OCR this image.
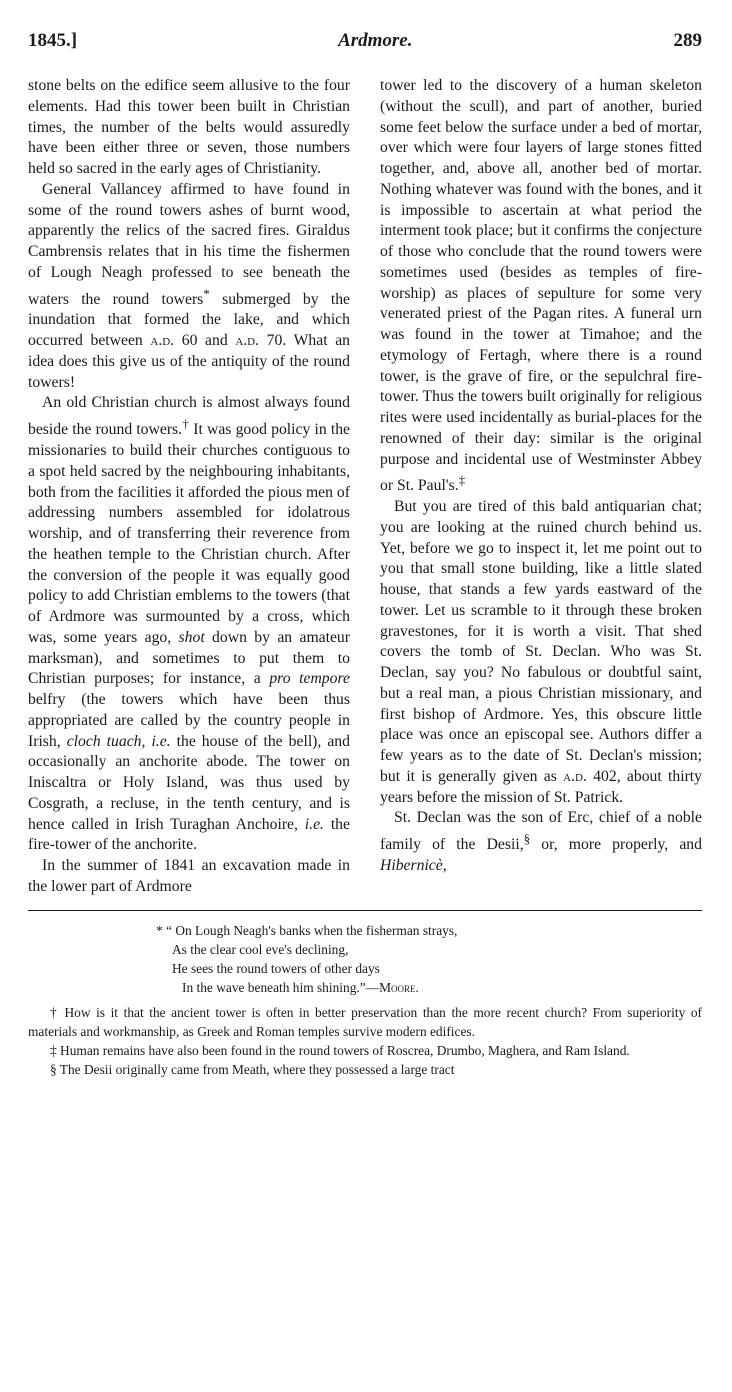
1845.]	Ardmore.	289

stone belts on the edifice seem allusive to the four elements. Had this tower been built in Christian times, the number of the belts would assuredly have been either three or seven, those numbers held so sacred in the early ages of Christianity.

General Vallancey affirmed to have found in some of the round towers ashes of burnt wood, apparently the relics of the sacred fires. Giraldus Cambrensis relates that in his time the fishermen of Lough Neagh professed to see beneath the waters the round towers* submerged by the inundation that formed the lake, and which occurred between a.d. 60 and a.d. 70. What an idea does this give us of the antiquity of the round towers!

An old Christian church is almost always found beside the round towers.† It was good policy in the missionaries to build their churches contiguous to a spot held sacred by the neighbouring inhabitants, both from the facilities it afforded the pious men of addressing numbers assembled for idolatrous worship, and of transferring their reverence from the heathen temple to the Christian church. After the conversion of the people it was equally good policy to add Christian emblems to the towers (that of Ardmore was surmounted by a cross, which was, some years ago, shot down by an amateur marksman), and sometimes to put them to Christian purposes; for instance, a pro tempore belfry (the towers which have been thus appropriated are called by the country people in Irish, cloch tuach, i.e. the house of the bell), and occasionally an anchorite abode. The tower on Iniscaltra or Holy Island, was thus used by Cosgrath, a recluse, in the tenth century, and is hence called in Irish Turaghan Anchoire, i.e. the fire-tower of the anchorite.

In the summer of 1841 an excavation made in the lower part of Ardmore

tower led to the discovery of a human skeleton (without the scull), and part of another, buried some feet below the surface under a bed of mortar, over which were four layers of large stones fitted together, and, above all, another bed of mortar. Nothing whatever was found with the bones, and it is impossible to ascertain at what period the interment took place; but it confirms the conjecture of those who conclude that the round towers were sometimes used (besides as temples of fire-worship) as places of sepulture for some very venerated priest of the Pagan rites. A funeral urn was found in the tower at Timahoe; and the etymology of Fertagh, where there is a round tower, is the grave of fire, or the sepulchral fire-tower. Thus the towers built originally for religious rites were used incidentally as burial-places for the renowned of their day: similar is the original purpose and incidental use of Westminster Abbey or St. Paul's.‡

But you are tired of this bald antiquarian chat; you are looking at the ruined church behind us. Yet, before we go to inspect it, let me point out to you that small stone building, like a little slated house, that stands a few yards eastward of the tower. Let us scramble to it through these broken gravestones, for it is worth a visit. That shed covers the tomb of St. Declan. Who was St. Declan, say you? No fabulous or doubtful saint, but a real man, a pious Christian missionary, and first bishop of Ardmore. Yes, this obscure little place was once an episcopal see. Authors differ a few years as to the date of St. Declan's mission; but it is generally given as a.d. 402, about thirty years before the mission of St. Patrick.

St. Declan was the son of Erc, chief of a noble family of the Desii,§ or, more properly, and Hibernicè,

* “ On Lough Neagh's banks when the fisherman strays,
As the clear cool eve's declining,
He sees the round towers of other days
In the wave beneath him shining.”—Moore.

† How is it that the ancient tower is often in better preservation than the more recent church? From superiority of materials and workmanship, as Greek and Roman temples survive modern edifices.

‡ Human remains have also been found in the round towers of Roscrea, Drumbo, Maghera, and Ram Island.

§ The Desii originally came from Meath, where they possessed a large tract
